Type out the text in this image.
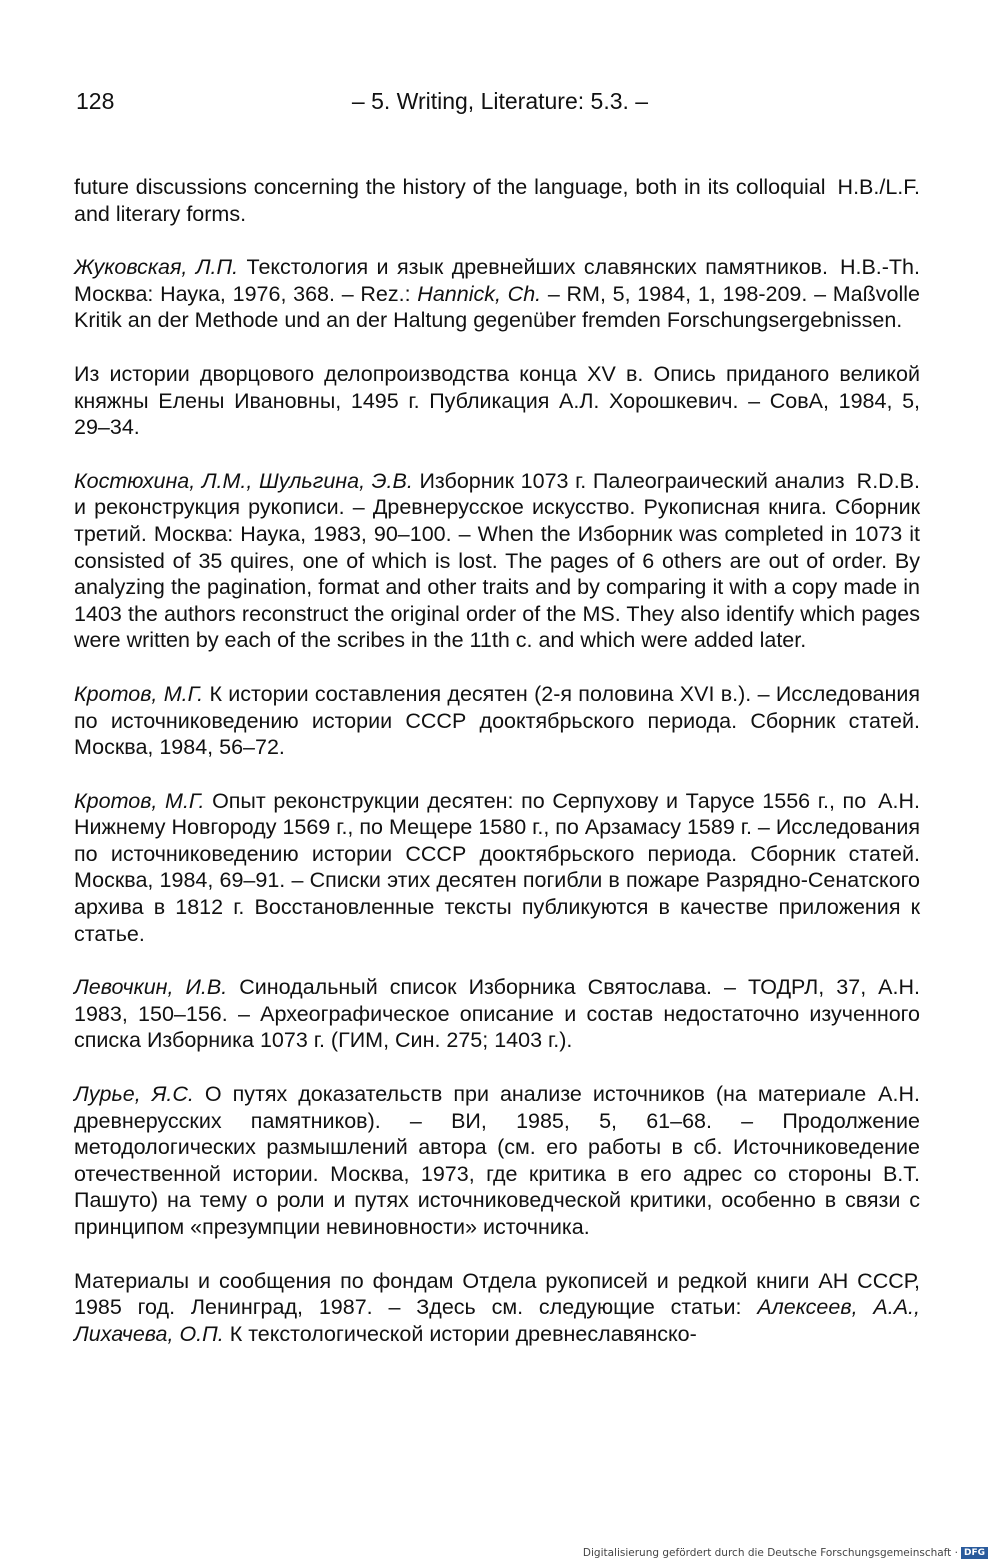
128	– 5. Writing, Literature: 5.3. –

H.B./L.F.
future discussions concerning the history of the language, both in its colloquial and literary forms.

H.B.-Th.
Жуковская, Л.П. Текстология и язык древнейших славянских памятников. Москва: Наука, 1976, 368. – Rez.: Hannick, Ch. – RM, 5, 1984, 1, 198-209. – Maßvolle Kritik an der Methode und an der Haltung gegenüber fremden Forschungsergebnissen.

Из истории дворцового делопроизводства конца XV в. Опись приданого великой княжны Елены Ивановны, 1495 г. Публикация А.Л. Хорошкевич. – СовА, 1984, 5, 29–34.

R.D.B.
Костюхина, Л.М., Шульгина, Э.В. Изборник 1073 г. Палеограический анализ и реконструкция рукописи. – Древнерусское искусство. Рукописная книга. Сборник третий. Москва: Наука, 1983, 90–100. – When the Изборник was completed in 1073 it consisted of 35 quires, one of which is lost. The pages of 6 others are out of order. By analyzing the pagination, format and other traits and by comparing it with a copy made in 1403 the authors reconstruct the original order of the MS. They also identify which pages were written by each of the scribes in the 11th c. and which were added later.

Кротов, М.Г. К истории составления десятен (2-я половина XVI в.). – Исследования по источниковедению истории СССР дооктябрьского периода. Сборник статей. Москва, 1984, 56–72.

A.H.
Кротов, М.Г. Опыт реконструкции десятен: по Серпухову и Тарусе 1556 г., по Нижнему Новгороду 1569 г., по Мещере 1580 г., по Арзамасу 1589 г. – Исследования по источниковедению истории СССР дооктябрьского периода. Сборник статей. Москва, 1984, 69–91. – Списки этих десятен погибли в пожаре Разрядно-Сенатского архива в 1812 г. Восстановленные тексты публикуются в качестве приложения к статье.

A.H.
Левочкин, И.В. Синодальный список Изборника Святослава. – ТОДРЛ, 37, 1983, 150–156. – Археографическое описание и состав недостаточно изученного списка Изборника 1073 г. (ГИМ, Син. 275; 1403 г.).

A.H.
Лурье, Я.С. О путях доказательств при анализе источников (на материале древнерусских памятников). – ВИ, 1985, 5, 61–68. – Продолжение методологических размышлений автора (см. его работы в сб. Источниковедение отечественной истории. Москва, 1973, где критика в его адрес со стороны В.Т. Пашуто) на тему о роли и путях источниковедческой критики, особенно в связи с принципом «презумпции невиновности» источника.

Материалы и сообщения по фондам Отдела рукописей и редкой книги АН СССР, 1985 год. Ленинград, 1987. – Здесь см. следующие статьи: Алексеев, А.А., Лихачева, О.П. К текстологической истории древнеславянско-

Digitalisierung gefördert durch die Deutsche Forschungsgemeinschaft · DFG
